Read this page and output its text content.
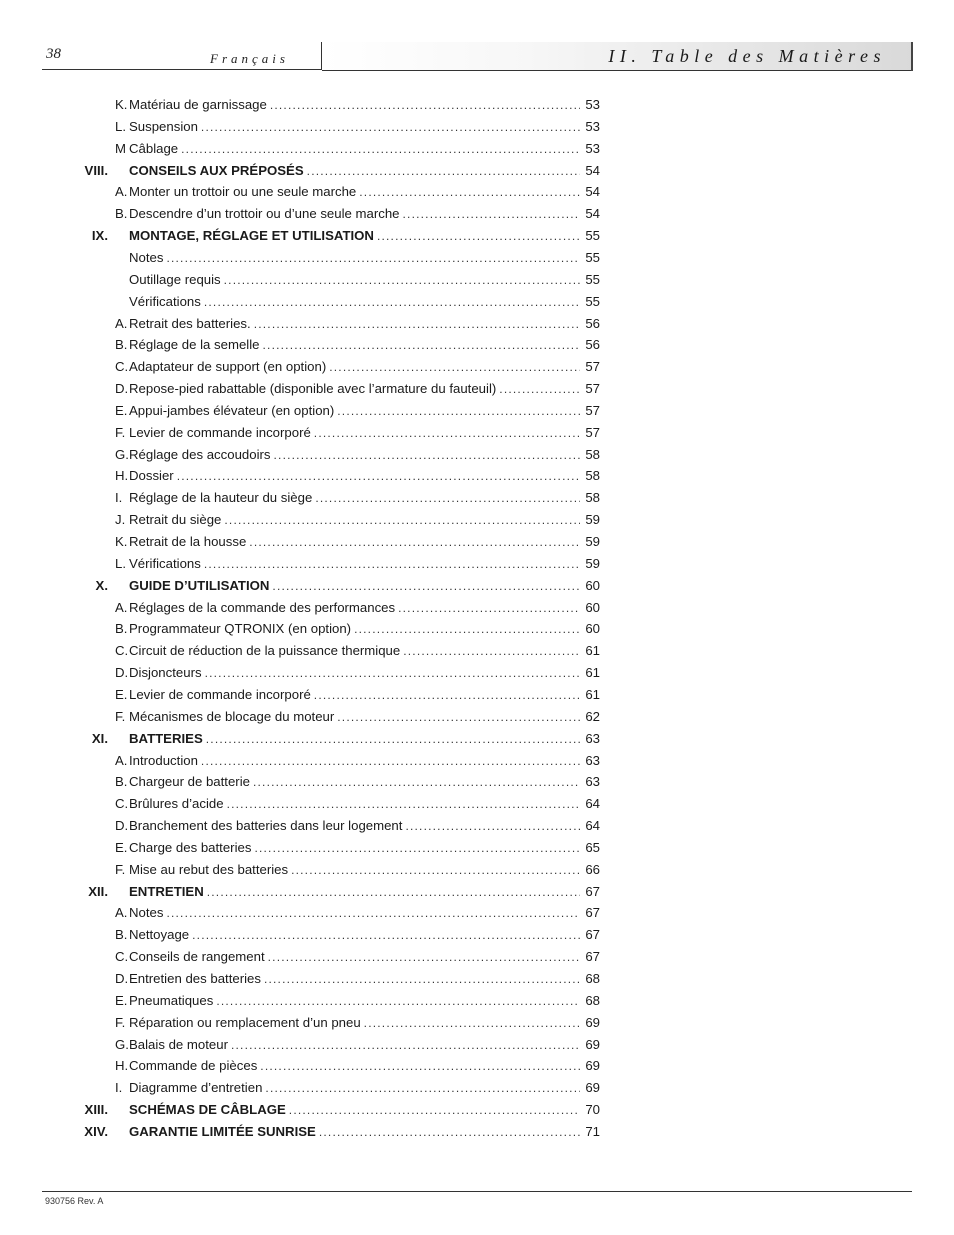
38	Français	II. Table des Matières
K. Matériau de garnissage .....	53
L. Suspension .....	53
M Câblage .....	53
VIII.	CONSEILS AUX PRÉPOSÉS .....	54
A. Monter un trottoir ou une seule marche .....	54
B. Descendre d’un trottoir ou d’une seule marche .....	54
IX.	MONTAGE, RÉGLAGE ET UTILISATION .....	55
Notes .....	55
Outillage requis .....	55
Vérifications .....	55
A. Retrait des batteries. .....	56
B. Réglage de la semelle .....	56
C.Adaptateur de support (en option) .....	57
D.Repose-pied rabattable (disponible avec l’armature du fauteuil) .....	57
E. Appui-jambes élévateur (en option) .....	57
F. Levier de commande incorporé .....	57
G.Réglage des accoudoirs .....	58
H.Dossier .....	58
I. Réglage de la hauteur du siège .....	58
J. Retrait du siège .....	59
K. Retrait de la housse .....	59
L. Vérifications .....	59
X.	GUIDE D’UTILISATION .....	60
A. Réglages de la commande des performances .....	60
B. Programmateur QTRONIX (en option) .....	60
C.Circuit de réduction de la puissance thermique .....	61
D.Disjoncteurs .....	61
E. Levier de commande incorporé .....	61
F. Mécanismes de blocage du moteur .....	62
XI.	BATTERIES .....	63
A. Introduction .....	63
B. Chargeur de batterie .....	63
C.Brûlures d’acide .....	64
D.Branchement des batteries dans leur logement .....	64
E. Charge des batteries .....	65
F. Mise au rebut des batteries .....	66
XII.	ENTRETIEN .....	67
A. Notes .....	67
B. Nettoyage .....	67
C.Conseils de rangement .....	67
D.Entretien des batteries .....	68
E. Pneumatiques .....	68
F. Réparation ou remplacement d’un pneu .....	69
G.Balais de moteur .....	69
H.Commande de pièces .....	69
I. Diagramme d’entretien .....	69
XIII.	SCHÉMAS DE CÂBLAGE .....	70
XIV.	GARANTIE LIMITÉE SUNRISE .....	71
930756 Rev. A
